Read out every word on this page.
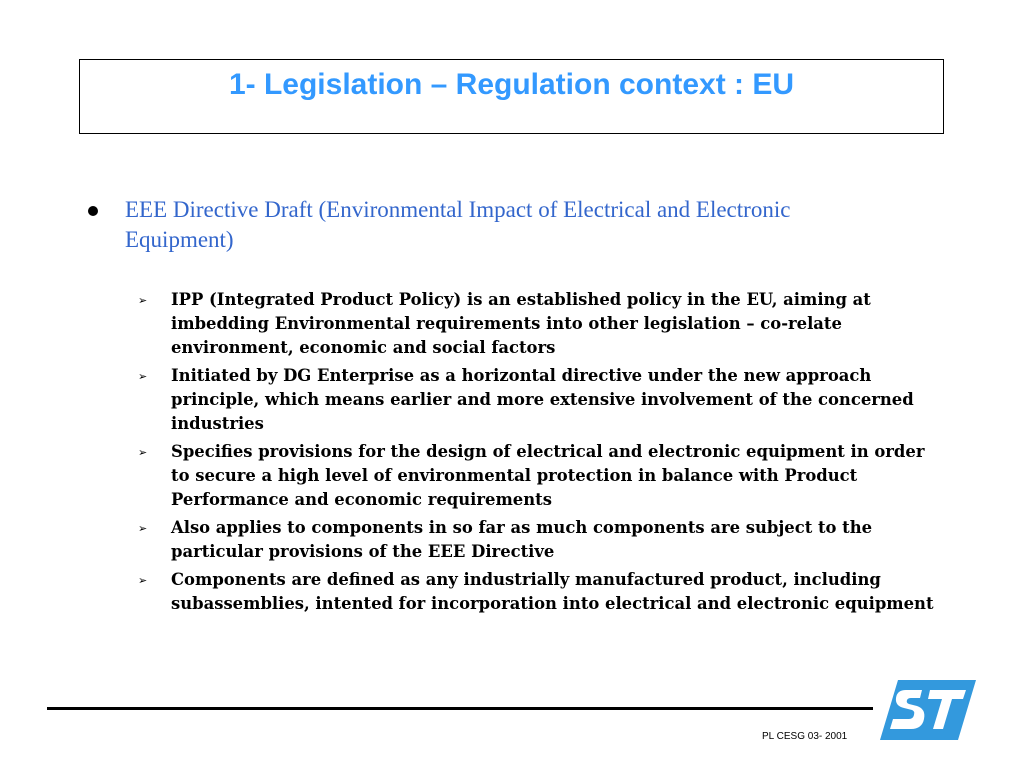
1- Legislation – Regulation context : EU
EEE Directive Draft (Environmental Impact of Electrical and Electronic Equipment)
➢ IPP (Integrated Product Policy) is an established policy in the EU, aiming at imbedding Environmental requirements into other legislation – co-relate environment, economic and social factors
➢ Initiated by DG Enterprise as a horizontal directive under the new approach principle, which means earlier and more extensive involvement of the concerned industries
➢ Specifies provisions for the design of electrical and electronic equipment in order to secure a high level of environmental protection in balance with Product Performance and economic requirements
➢ Also applies to components in so far as much components are subject to the particular provisions of the EEE Directive
➢ Components are defined as any industrially manufactured product, including subassemblies, intented for incorporation into electrical and electronic equipment
PL CESG 03- 2001
